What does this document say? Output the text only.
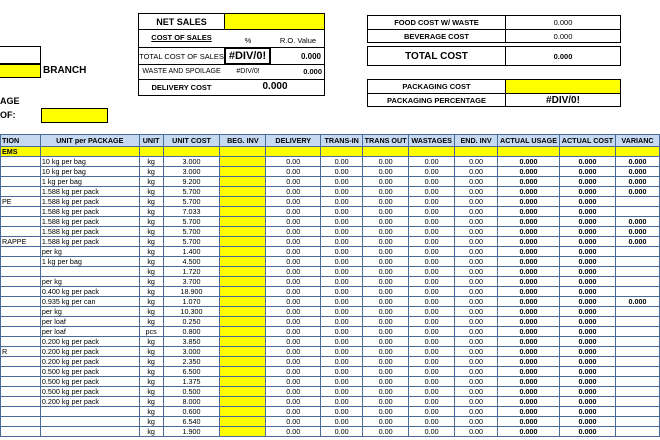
NET SALES
COST OF SALES	%	R.O. Value
TOTAL COST OF SALES #DIV/0!	0.000
WASTE AND SPOILAGE	#DIV/0!	0.000
DELIVERY COST	0.000
FOOD COST W/ WASTE	0.000
BEVERAGE COST	0.000
TOTAL COST	0.000
PACKAGING COST
PACKAGING PERCENTAGE	#DIV/0!
BRANCH
AGE
OF:
TION	UNIT per PACKAGE	UNIT	UNIT COST	BEG. INV	DELIVERY	TRANS-IN	TRANS OUT	WASTAGES	END. INV	ACTUAL USAGE	ACTUAL COST	VARIANC
EMS												
	10 kg per bag	kg	3.000		0.00	0.00	0.00	0.00	0.00	0.000	0.000	0.000
	10 kg per bag	kg	3.000		0.00	0.00	0.00	0.00	0.00	0.000	0.000	0.000
	1 kg per bag	kg	9.200		0.00	0.00	0.00	0.00	0.00	0.000	0.000	0.000
	1.588 kg per pack	kg	5.700		0.00	0.00	0.00	0.00	0.00	0.000	0.000	0.000
PE	1.588 kg per pack	kg	5.700		0.00	0.00	0.00	0.00	0.00	0.000	0.000	
	1.588 kg per pack	kg	7.033		0.00	0.00	0.00	0.00	0.00	0.000	0.000	
	1.588 kg per pack	kg	5.700		0.00	0.00	0.00	0.00	0.00	0.000	0.000	0.000
	1.588 kg per pack	kg	5.700		0.00	0.00	0.00	0.00	0.00	0.000	0.000	0.000
RAPPE	1.588 kg per pack	kg	5.700		0.00	0.00	0.00	0.00	0.00	0.000	0.000	0.000
	per kg	kg	1.400		0.00	0.00	0.00	0.00	0.00	0.000	0.000	
	1 kg per bag	kg	4.500		0.00	0.00	0.00	0.00	0.00	0.000	0.000	
		kg	1.720		0.00	0.00	0.00	0.00	0.00	0.000	0.000	
	per kg	kg	3.700		0.00	0.00	0.00	0.00	0.00	0.000	0.000	
	0.400 kg per pack	kg	18.900		0.00	0.00	0.00	0.00	0.00	0.000	0.000	
	0.935 kg per can	kg	1.070		0.00	0.00	0.00	0.00	0.00	0.000	0.000	0.000
	per kg	kg	10.300		0.00	0.00	0.00	0.00	0.00	0.000	0.000	
	per loaf	kg	0.250		0.00	0.00	0.00	0.00	0.00	0.000	0.000	
	per loaf	pcs	0.800		0.00	0.00	0.00	0.00	0.00	0.000	0.000	
	0.200 kg per pack	kg	3.850		0.00	0.00	0.00	0.00	0.00	0.000	0.000	
R	0.200 kg per pack	kg	3.000		0.00	0.00	0.00	0.00	0.00	0.000	0.000	
	0.200 kg per pack	kg	2.350		0.00	0.00	0.00	0.00	0.00	0.000	0.000	
	0.500 kg per pack	kg	6.500		0.00	0.00	0.00	0.00	0.00	0.000	0.000	
	0.500 kg per pack	kg	1.375		0.00	0.00	0.00	0.00	0.00	0.000	0.000	
	0.500 kg per pack	kg	0.500		0.00	0.00	0.00	0.00	0.00	0.000	0.000	
	0.200 kg per pack	kg	8.000		0.00	0.00	0.00	0.00	0.00	0.000	0.000	
		kg	0.600		0.00	0.00	0.00	0.00	0.00	0.000	0.000	
		kg	6.540		0.00	0.00	0.00	0.00	0.00	0.000	0.000	
		kg	1.900		0.00	0.00	0.00	0.00	0.00	0.000	0.000	
